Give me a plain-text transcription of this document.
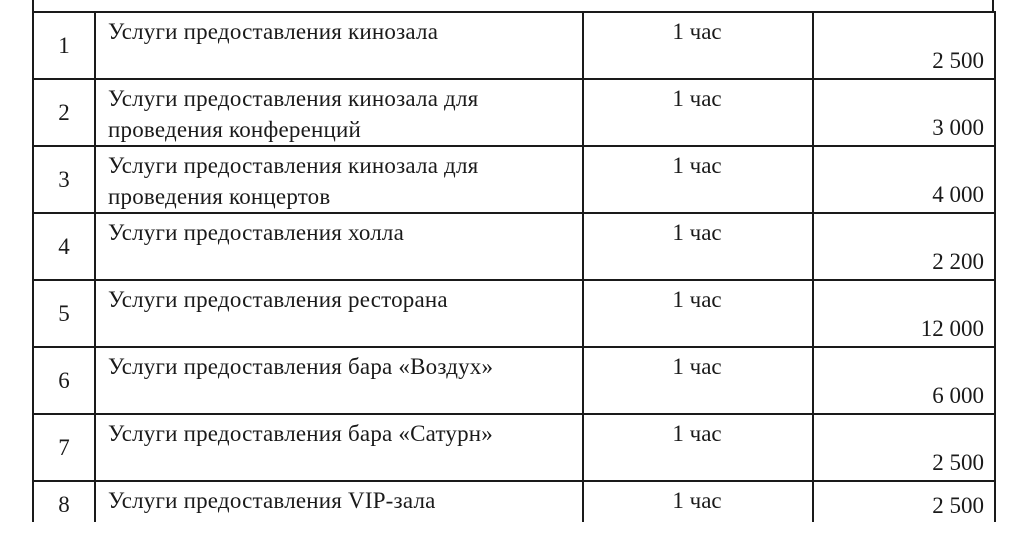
1	Услуги предоставления кинозала	1 час	2 500
2	Услуги предоставления кинозала для
проведения конференций	1 час	3 000
3	Услуги предоставления кинозала для
проведения концертов	1 час	4 000
4	Услуги предоставления холла	1 час	2 200
5	Услуги предоставления ресторана	1 час	12 000
6	Услуги предоставления бара «Воздух»	1 час	6 000
7	Услуги предоставления бара «Сатурн»	1 час	2 500
8	Услуги предоставления VIP-зала	1 час	2 500
